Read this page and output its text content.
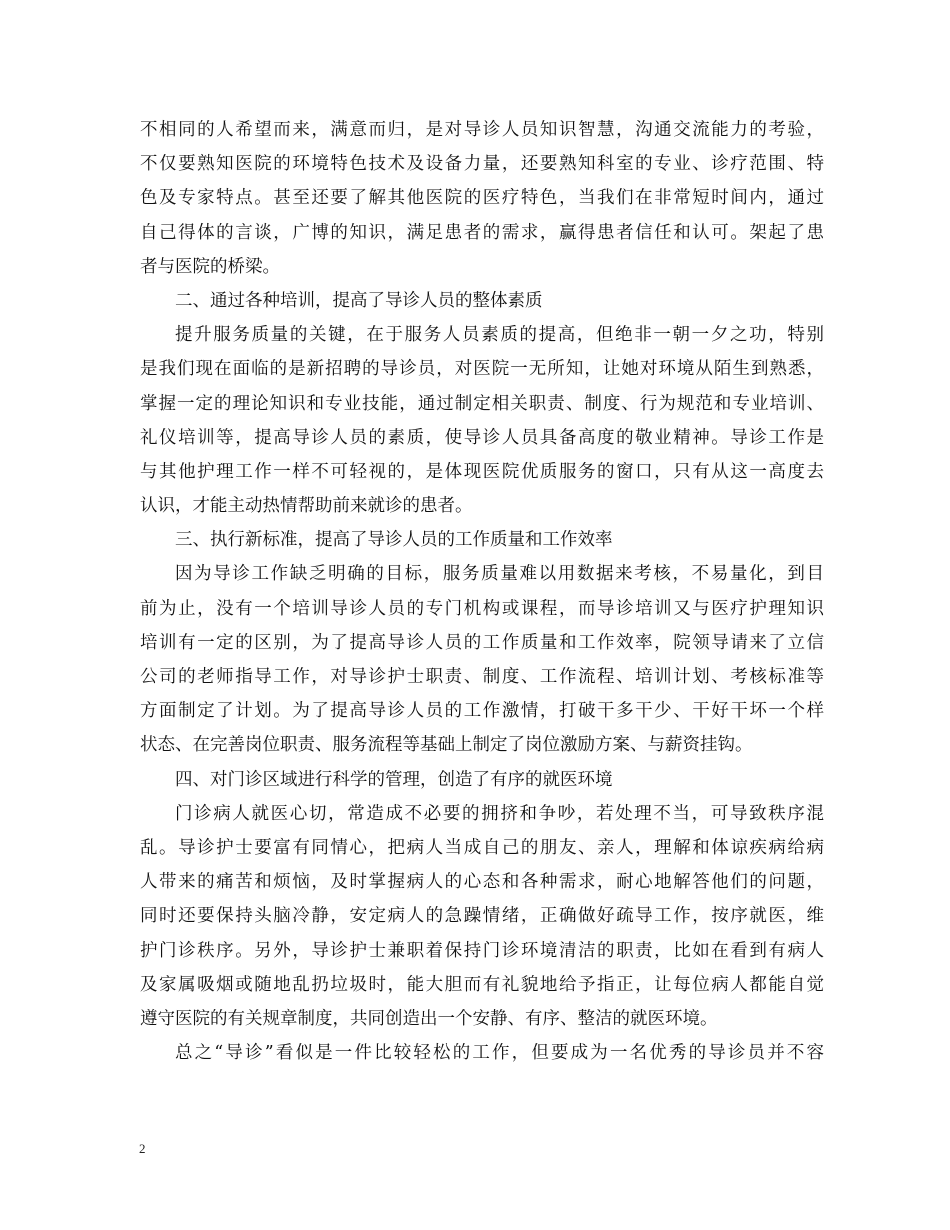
不相同的人希望而来，满意而归，是对导诊人员知识智慧，沟通交流能力的考验，
不仅要熟知医院的环境特色技术及设备力量，还要熟知科室的专业、诊疗范围、特
色及专家特点。甚至还要了解其他医院的医疗特色，当我们在非常短时间内，通过
自己得体的言谈，广博的知识，满足患者的需求，赢得患者信任和认可。架起了患
者与医院的桥梁。
二、通过各种培训，提高了导诊人员的整体素质
提升服务质量的关键，在于服务人员素质的提高，但绝非一朝一夕之功，特别
是我们现在面临的是新招聘的导诊员，对医院一无所知，让她对环境从陌生到熟悉，
掌握一定的理论知识和专业技能，通过制定相关职责、制度、行为规范和专业培训、
礼仪培训等，提高导诊人员的素质，使导诊人员具备高度的敬业精神。导诊工作是
与其他护理工作一样不可轻视的，是体现医院优质服务的窗口，只有从这一高度去
认识，才能主动热情帮助前来就诊的患者。
三、执行新标准，提高了导诊人员的工作质量和工作效率
因为导诊工作缺乏明确的目标，服务质量难以用数据来考核，不易量化，到目
前为止，没有一个培训导诊人员的专门机构或课程，而导诊培训又与医疗护理知识
培训有一定的区别，为了提高导诊人员的工作质量和工作效率，院领导请来了立信
公司的老师指导工作，对导诊护士职责、制度、工作流程、培训计划、考核标准等
方面制定了计划。为了提高导诊人员的工作激情，打破干多干少、干好干坏一个样
状态、在完善岗位职责、服务流程等基础上制定了岗位激励方案、与薪资挂钩。
四、对门诊区域进行科学的管理，创造了有序的就医环境
门诊病人就医心切，常造成不必要的拥挤和争吵，若处理不当，可导致秩序混
乱。导诊护士要富有同情心，把病人当成自己的朋友、亲人，理解和体谅疾病给病
人带来的痛苦和烦恼，及时掌握病人的心态和各种需求，耐心地解答他们的问题，
同时还要保持头脑冷静，安定病人的急躁情绪，正确做好疏导工作，按序就医，维
护门诊秩序。另外，导诊护士兼职着保持门诊环境清洁的职责，比如在看到有病人
及家属吸烟或随地乱扔垃圾时，能大胆而有礼貌地给予指正，让每位病人都能自觉
遵守医院的有关规章制度，共同创造出一个安静、有序、整洁的就医环境。
总之“导诊”看似是一件比较轻松的工作，但要成为一名优秀的导诊员并不容
2
